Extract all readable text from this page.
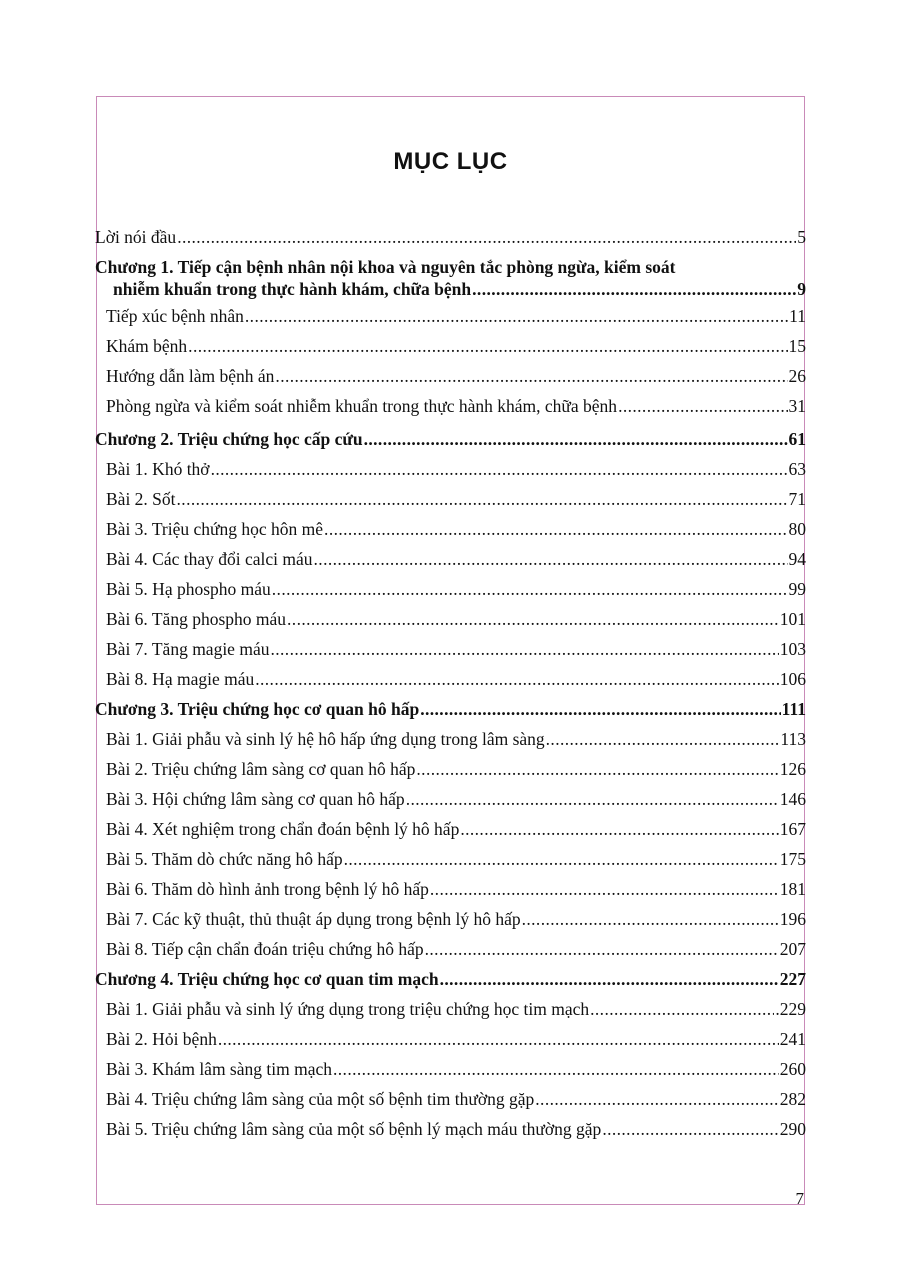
MỤC LỤC
Lời nói đầu .....	5
Chương 1. Tiếp cận bệnh nhân nội khoa và nguyên tắc phòng ngừa, kiểm soát
nhiễm khuẩn trong thực hành khám, chữa bệnh .....	9
Tiếp xúc bệnh nhân .....	11
Khám bệnh .....	15
Hướng dẫn làm bệnh án .....	26
Phòng ngừa và kiểm soát nhiễm khuẩn trong thực hành khám, chữa bệnh .....	31
Chương 2. Triệu chứng học cấp cứu .....	61
Bài 1. Khó thở .....	63
Bài 2. Sốt .....	71
Bài 3. Triệu chứng học hôn mê .....	80
Bài 4. Các thay đổi calci máu .....	94
Bài 5. Hạ phospho máu .....	99
Bài 6. Tăng phospho máu .....	101
Bài 7. Tăng magie máu .....	103
Bài 8. Hạ magie máu .....	106
Chương 3. Triệu chứng học cơ quan hô hấp .....	111
Bài 1. Giải phẫu và sinh lý hệ hô hấp ứng dụng trong lâm sàng .....	113
Bài 2. Triệu chứng lâm sàng cơ quan hô hấp .....	126
Bài 3. Hội chứng lâm sàng cơ quan hô hấp .....	146
Bài 4. Xét nghiệm trong chẩn đoán bệnh lý hô hấp .....	167
Bài 5. Thăm dò chức năng hô hấp .....	175
Bài 6. Thăm dò hình ảnh trong bệnh lý hô hấp .....	181
Bài 7. Các kỹ thuật, thủ thuật áp dụng trong bệnh lý hô hấp .....	196
Bài 8. Tiếp cận chẩn đoán triệu chứng hô hấp .....	207
Chương 4. Triệu chứng học cơ quan tim mạch .....	227
Bài 1. Giải phẫu và sinh lý ứng dụng trong triệu chứng học tim mạch .....	.229
Bài 2. Hỏi bệnh .....	241
Bài 3. Khám lâm sàng tim mạch .....	260
Bài 4. Triệu chứng lâm sàng của một số bệnh tim thường gặp .....	282
Bài 5. Triệu chứng lâm sàng của một số bệnh lý mạch máu thường gặp .....	290
7
